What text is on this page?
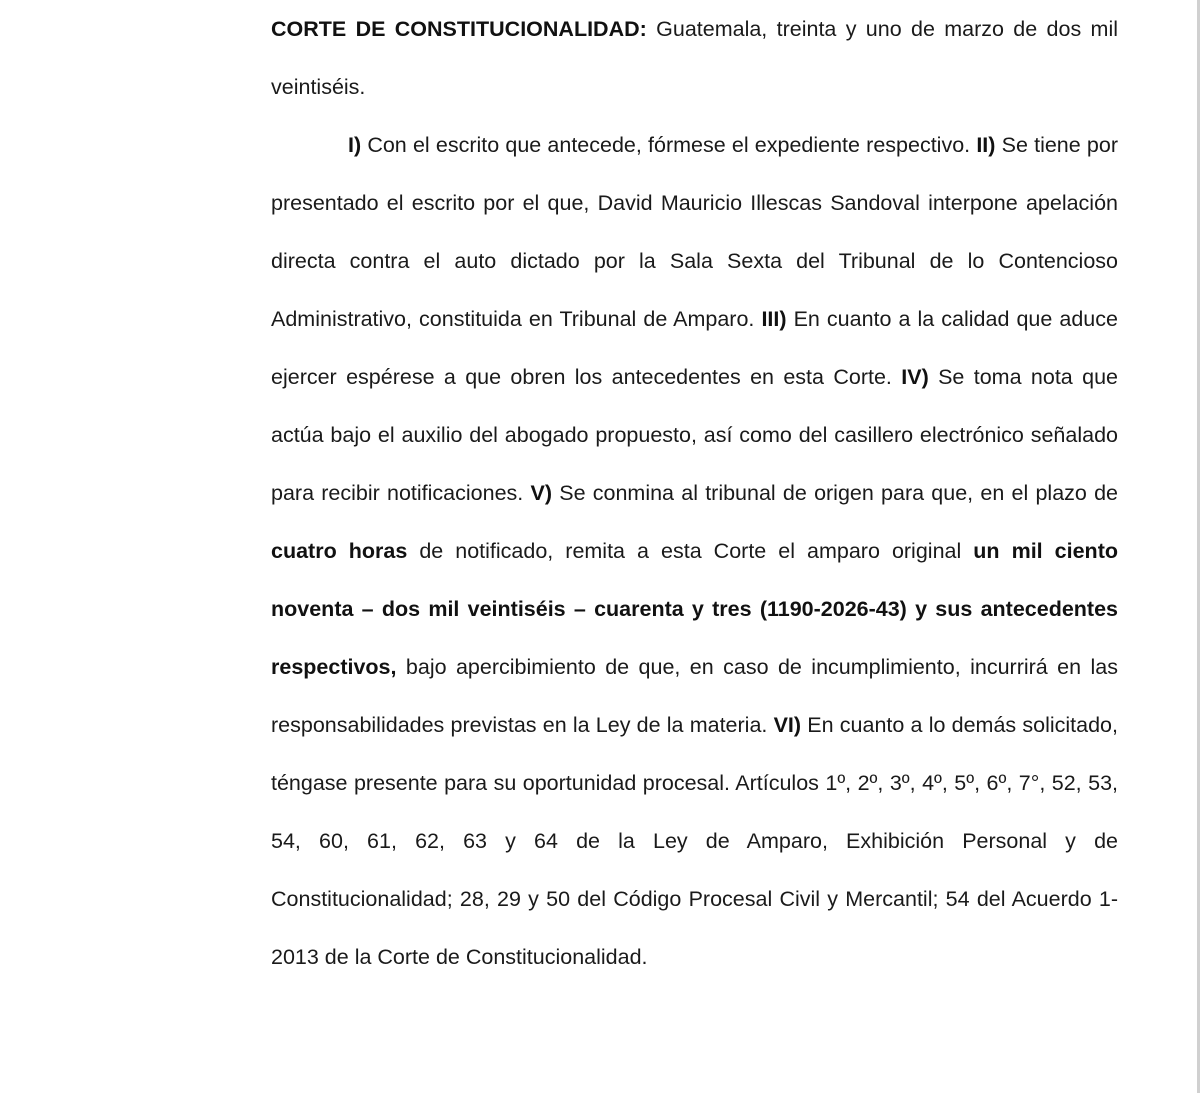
CORTE DE CONSTITUCIONALIDAD: Guatemala, treinta y uno de marzo de dos mil veintiséis.

I) Con el escrito que antecede, fórmese el expediente respectivo. II) Se tiene por presentado el escrito por el que, David Mauricio Illescas Sandoval interpone apelación directa contra el auto dictado por la Sala Sexta del Tribunal de lo Contencioso Administrativo, constituida en Tribunal de Amparo. III) En cuanto a la calidad que aduce ejercer espérese a que obren los antecedentes en esta Corte. IV) Se toma nota que actúa bajo el auxilio del abogado propuesto, así como del casillero electrónico señalado para recibir notificaciones. V) Se conmina al tribunal de origen para que, en el plazo de cuatro horas de notificado, remita a esta Corte el amparo original un mil ciento noventa – dos mil veintiséis – cuarenta y tres (1190-2026-43) y sus antecedentes respectivos, bajo apercibimiento de que, en caso de incumplimiento, incurrirá en las responsabilidades previstas en la Ley de la materia. VI) En cuanto a lo demás solicitado, téngase presente para su oportunidad procesal. Artículos 1º, 2º, 3º, 4º, 5º, 6º, 7°, 52, 53, 54, 60, 61, 62, 63 y 64 de la Ley de Amparo, Exhibición Personal y de Constitucionalidad; 28, 29 y 50 del Código Procesal Civil y Mercantil; 54 del Acuerdo 1-2013 de la Corte de Constitucionalidad.
